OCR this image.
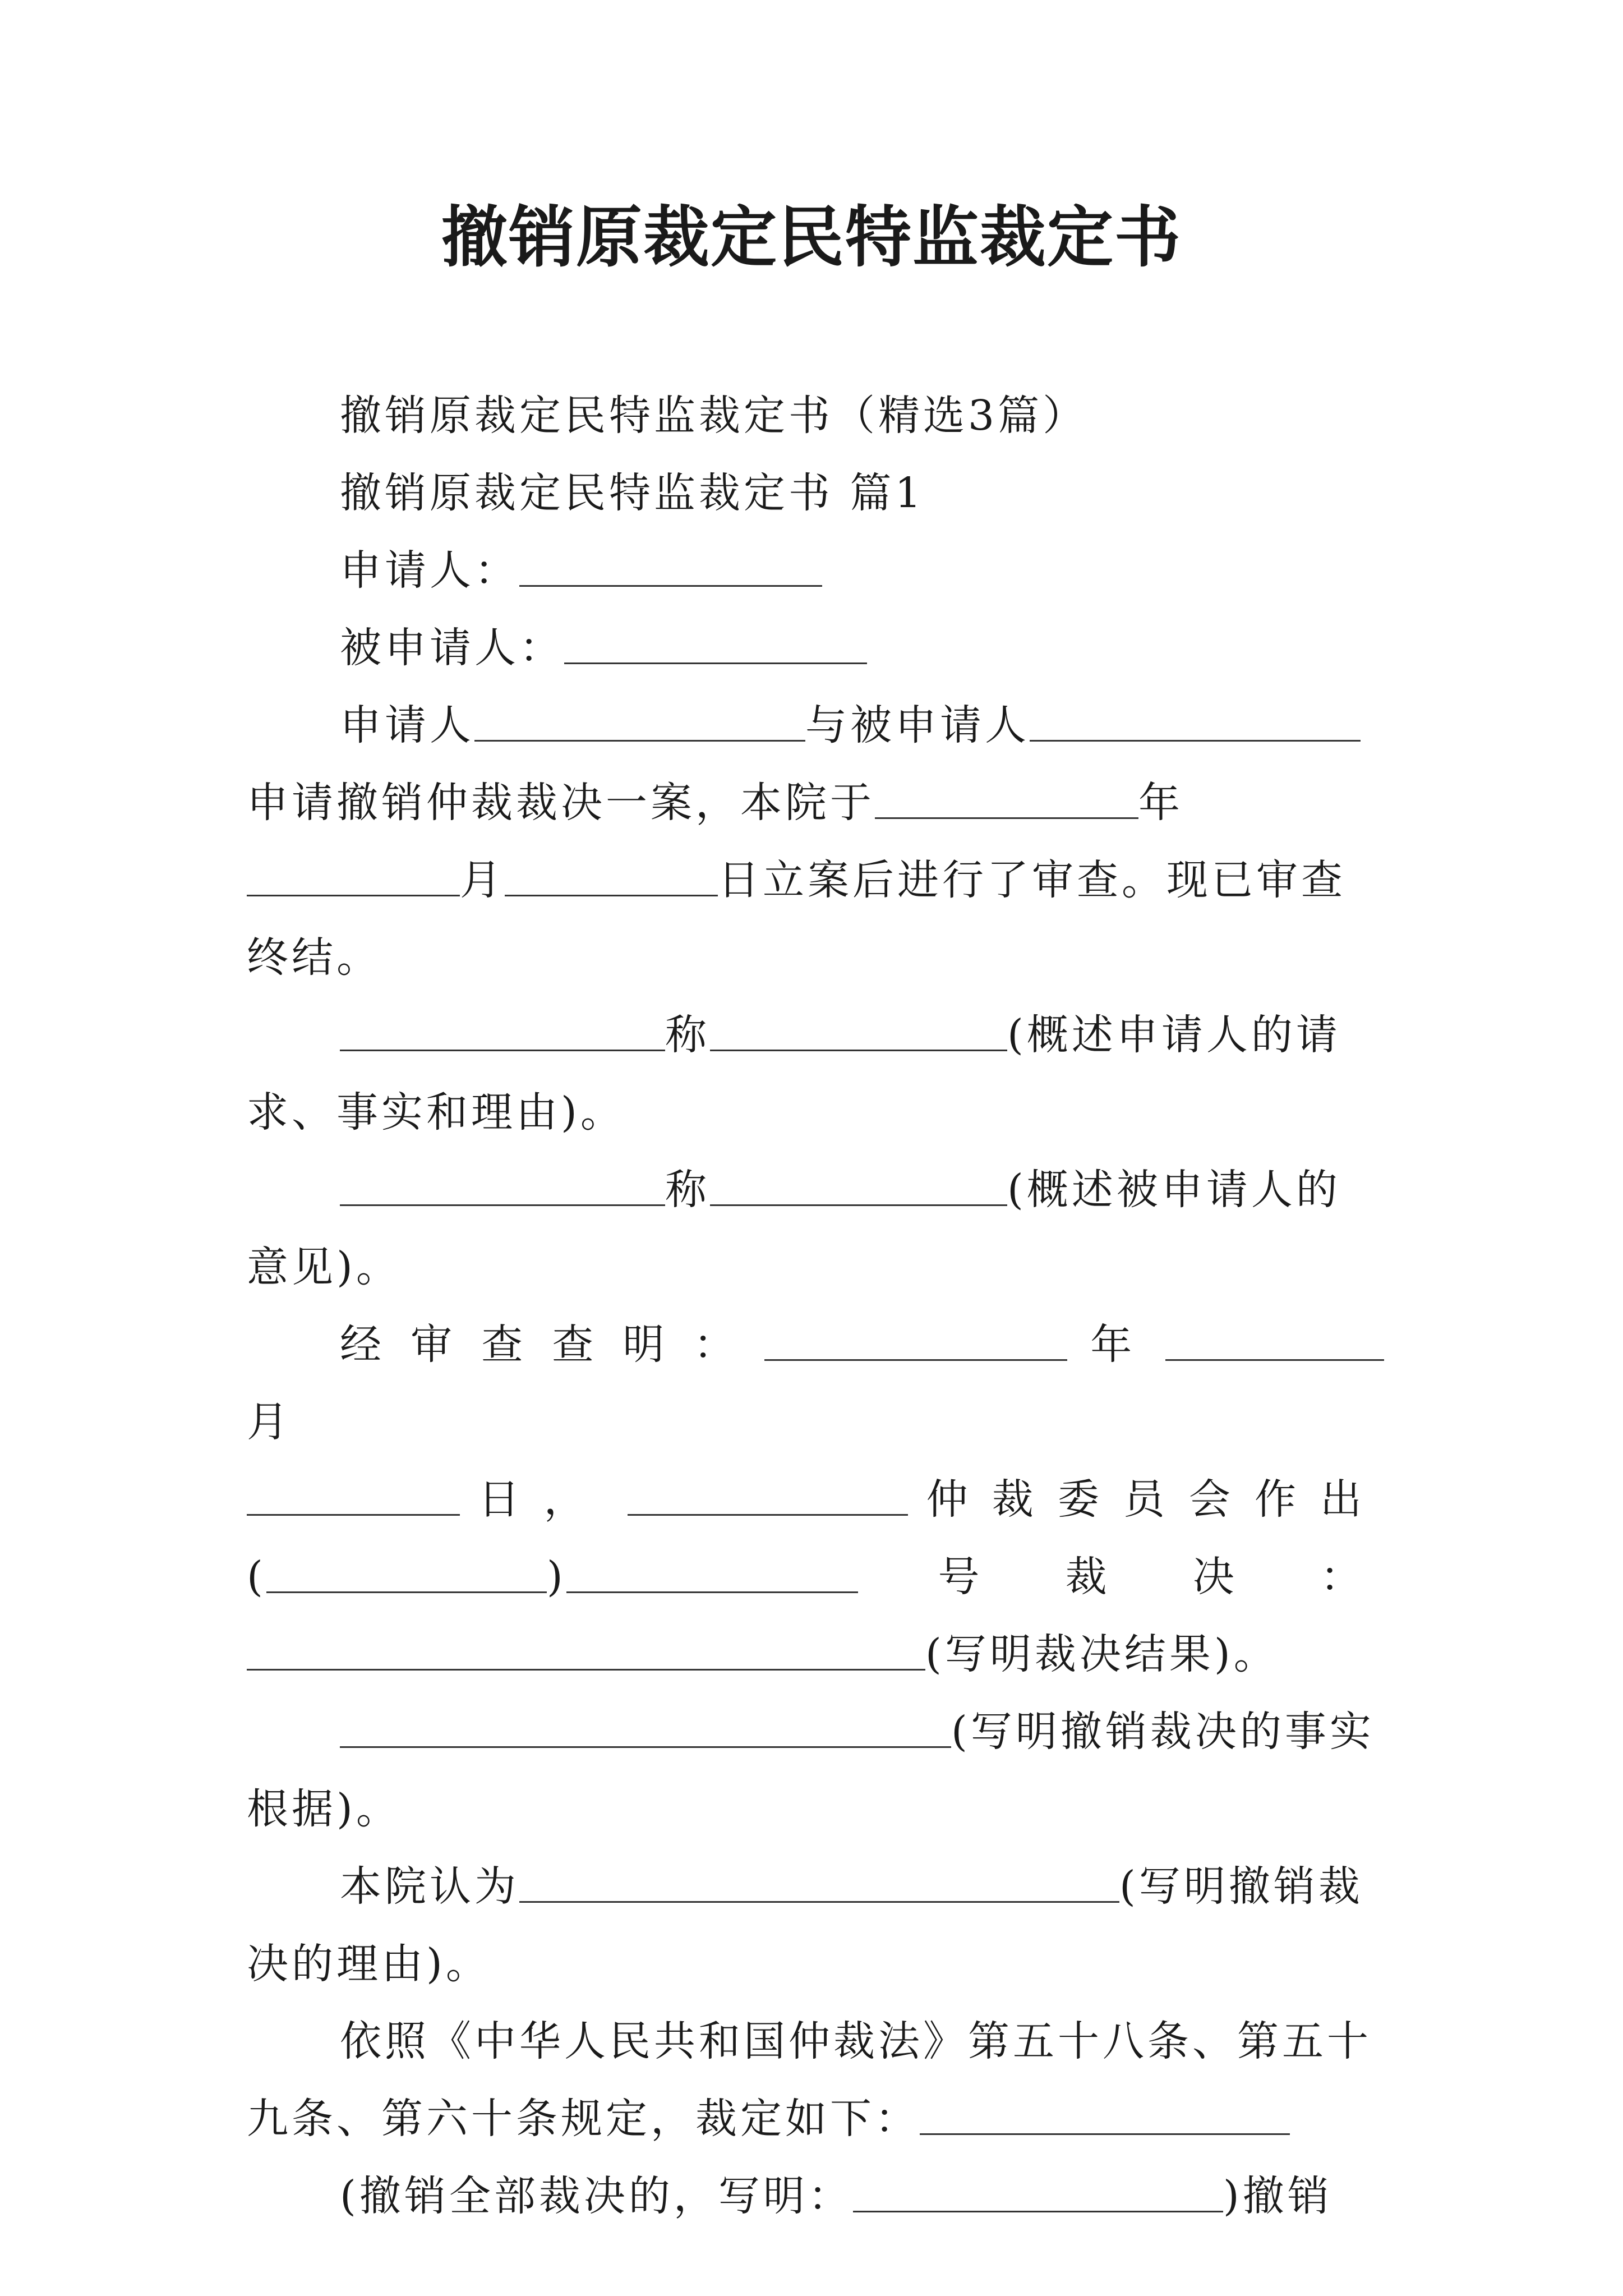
撤销原裁定民特监裁定书

撤销原裁定民特监裁定书（精选3篇）

撤销原裁定民特监裁定书 篇1

申请人：

被申请人：

申请人	与被申请人申请撤销仲裁裁决一案，本院于	年月	日立案后进行了审查。现已审查终结。

称	(概述申请人的请求、事实和理由)。

称	(概述被申请人的意见)。

经审查查明：	年  月

日，	仲裁委员会作出

(	)	号裁决：

(写明裁决结果)。

(写明撤销裁决的事实根据)。

本院认为	(写明撤销裁决的理由)。

依照《中华人民共和国仲裁法》第五十八条、第五十九条、第六十条规定，裁定如下：

(撤销全部裁决的，写明：	)撤销
